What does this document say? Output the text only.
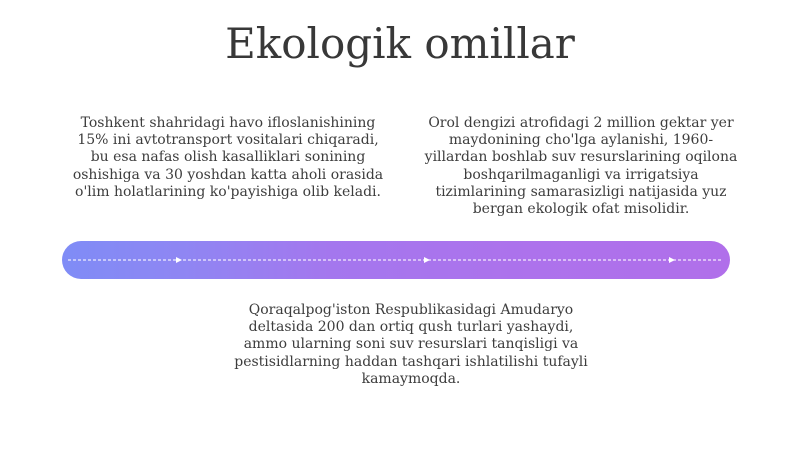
Ekologik omillar

Toshkent shahridagi havo ifloslanishining 15% ini avtotransport vositalari chiqaradi, bu esa nafas olish kasalliklari sonining oshishiga va 30 yoshdan katta aholi orasida o'lim holatlarining ko'payishiga olib keladi.

Orol dengizi atrofidagi 2 million gektar yer maydonining cho'lga aylanishi, 1960-yillardan boshlab suv resurslarining oqilona boshqarilmaganligi va irrigatsiya tizimlarining samarasizligi natijasida yuz bergan ekologik ofat misolidir.

Qoraqalpog'iston Respublikasidagi Amudaryo deltasida 200 dan ortiq qush turlari yashaydi, ammo ularning soni suv resurslari tanqisligi va pestisidlarning haddan tashqari ishlatilishi tufayli kamaymoqda.
